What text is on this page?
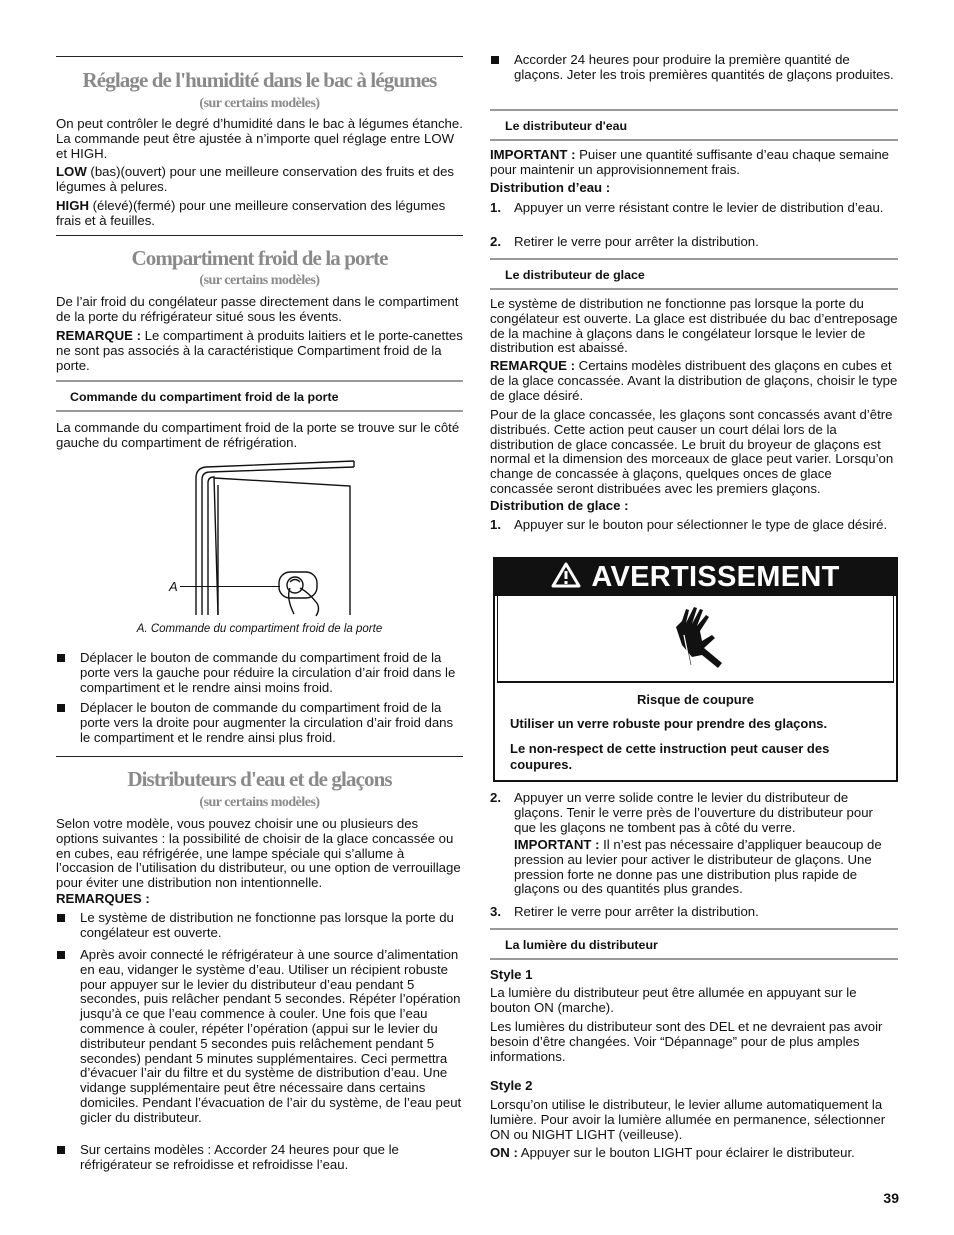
Réglage de l'humidité dans le bac à légumes
(sur certains modèles)

On peut contrôler le degré d’humidité dans le bac à légumes étanche. La commande peut être ajustée à n’importe quel réglage entre LOW et HIGH.

LOW (bas)(ouvert) pour une meilleure conservation des fruits et des légumes à pelures.

HIGH (élevé)(fermé) pour une meilleure conservation des légumes frais et à feuilles.

Compartiment froid de la porte
(sur certains modèles)

De l’air froid du congélateur passe directement dans le compartiment de la porte du réfrigérateur situé sous les évents.

REMARQUE : Le compartiment à produits laitiers et le porte-canettes ne sont pas associés à la caractéristique Compartiment froid de la porte.

Commande du compartiment froid de la porte

La commande du compartiment froid de la porte se trouve sur le côté gauche du compartiment de réfrigération.

A

A. Commande du compartiment froid de la porte

Déplacer le bouton de commande du compartiment froid de la porte vers la gauche pour réduire la circulation d’air froid dans le compartiment et le rendre ainsi moins froid.
Déplacer le bouton de commande du compartiment froid de la porte vers la droite pour augmenter la circulation d’air froid dans le compartiment et le rendre ainsi plus froid.
Distributeurs d'eau et de glaçons
(sur certains modèles)

Selon votre modèle, vous pouvez choisir une ou plusieurs des options suivantes : la possibilité de choisir de la glace concassée ou en cubes, eau réfrigérée, une lampe spéciale qui s’allume à l’occasion de l’utilisation du distributeur, ou une option de verrouillage pour éviter une distribution non intentionnelle.

REMARQUES :

Le système de distribution ne fonctionne pas lorsque la porte du congélateur est ouverte.
Après avoir connecté le réfrigérateur à une source d’alimentation en eau, vidanger le système d’eau. Utiliser un récipient robuste pour appuyer sur le levier du distributeur d’eau pendant 5 secondes, puis relâcher pendant 5 secondes. Répéter l’opération jusqu’à ce que l’eau commence à couler. Une fois que l’eau commence à couler, répéter l’opération (appui sur le levier du distributeur pendant 5 secondes puis relâchement pendant 5 secondes) pendant 5 minutes supplémentaires. Ceci permettra d’évacuer l’air du filtre et du système de distribution d’eau. Une vidange supplémentaire peut être nécessaire dans certains domiciles. Pendant l’évacuation de l’air du système, de l’eau peut gicler du distributeur.
Sur certains modèles : Accorder 24 heures pour que le réfrigérateur se refroidisse et refroidisse l’eau.
Accorder 24 heures pour produire la première quantité de glaçons. Jeter les trois premières quantités de glaçons produites.
Le distributeur d'eau

IMPORTANT : Puiser une quantité suffisante d’eau chaque semaine pour maintenir un approvisionnement frais.

Distribution d’eau :

1. Appuyer un verre résistant contre le levier de distribution d’eau.
2. Retirer le verre pour arrêter la distribution.
Le distributeur de glace

Le système de distribution ne fonctionne pas lorsque la porte du congélateur est ouverte. La glace est distribuée du bac d’entreposage de la machine à glaçons dans le congélateur lorsque le levier de distribution est abaissé.

REMARQUE : Certains modèles distribuent des glaçons en cubes et de la glace concassée. Avant la distribution de glaçons, choisir le type de glace désiré.

Pour de la glace concassée, les glaçons sont concassés avant d’être distribués. Cette action peut causer un court délai lors de la distribution de glace concassée. Le bruit du broyeur de glaçons est normal et la dimension des morceaux de glace peut varier. Lorsqu’on change de concassée à glaçons, quelques onces de glace concassée seront distribuées avec les premiers glaçons.

Distribution de glace :

1. Appuyer sur le bouton pour sélectionner le type de glace désiré.
AVERTISSEMENT

Risque de coupure

Utiliser un verre robuste pour prendre des glaçons.

Le non-respect de cette instruction peut causer des coupures.

2. Appuyer un verre solide contre le levier du distributeur de glaçons. Tenir le verre près de l’ouverture du distributeur pour que les glaçons ne tombent pas à côté du verre.

IMPORTANT : Il n’est pas nécessaire d’appliquer beaucoup de pression au levier pour activer le distributeur de glaçons. Une pression forte ne donne pas une distribution plus rapide de glaçons ou des quantités plus grandes.

3. Retirer le verre pour arrêter la distribution.
La lumière du distributeur

Style 1

La lumière du distributeur peut être allumée en appuyant sur le bouton ON (marche).

Les lumières du distributeur sont des DEL et ne devraient pas avoir besoin d’être changées. Voir “Dépannage” pour de plus amples informations.

Style 2

Lorsqu’on utilise le distributeur, le levier allume automatiquement la lumière. Pour avoir la lumière allumée en permanence, sélectionner ON ou NIGHT LIGHT (veilleuse).

ON : Appuyer sur le bouton LIGHT pour éclairer le distributeur.

39
